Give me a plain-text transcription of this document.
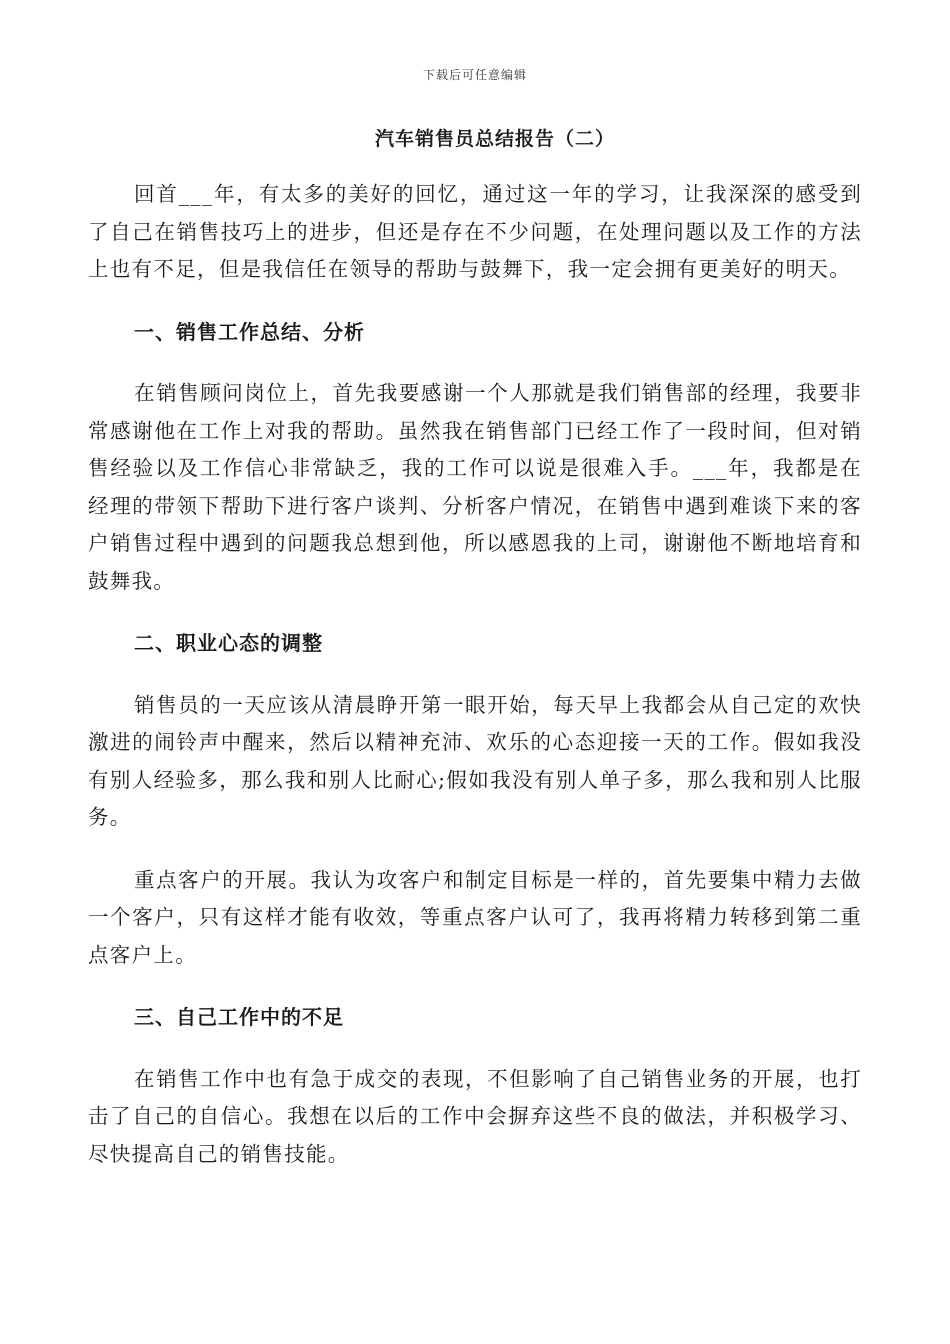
下载后可任意编辑
汽车销售员总结报告（二）

回首___年，有太多的美好的回忆，通过这一年的学习，让我深深的感受到了自己在销售技巧上的进步，但还是存在不少问题，在处理问题以及工作的方法上也有不足，但是我信任在领导的帮助与鼓舞下，我一定会拥有更美好的明天。

一、销售工作总结、分析

在销售顾问岗位上，首先我要感谢一个人那就是我们销售部的经理，我要非常感谢他在工作上对我的帮助。虽然我在销售部门已经工作了一段时间，但对销售经验以及工作信心非常缺乏，我的工作可以说是很难入手。___年，我都是在经理的带领下帮助下进行客户谈判、分析客户情况，在销售中遇到难谈下来的客户销售过程中遇到的问题我总想到他，所以感恩我的上司，谢谢他不断地培育和鼓舞我。

二、职业心态的调整

销售员的一天应该从清晨睁开第一眼开始，每天早上我都会从自己定的欢快激进的闹铃声中醒来，然后以精神充沛、欢乐的心态迎接一天的工作。假如我没有别人经验多，那么我和别人比耐心;假如我没有别人单子多，那么我和别人比服务。

重点客户的开展。我认为攻客户和制定目标是一样的，首先要集中精力去做一个客户，只有这样才能有收效，等重点客户认可了，我再将精力转移到第二重点客户上。

三、自己工作中的不足

在销售工作中也有急于成交的表现，不但影响了自己销售业务的开展，也打击了自己的自信心。我想在以后的工作中会摒弃这些不良的做法，并积极学习、尽快提高自己的销售技能。
